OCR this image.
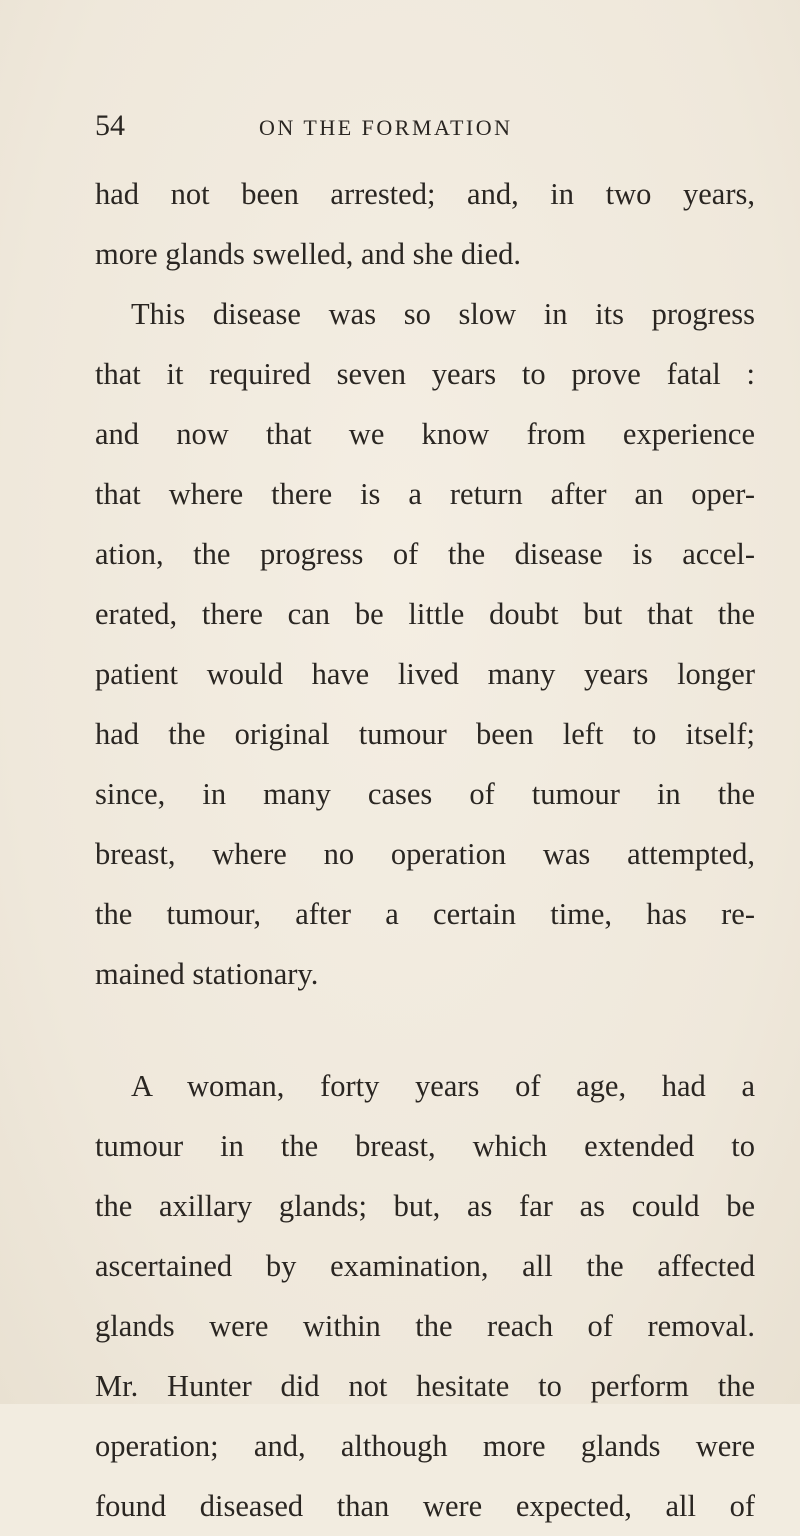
54	ON THE FORMATION
had not been arrested; and, in two years,
more glands swelled, and she died.
This disease was so slow in its progress
that it required seven years to prove fatal :
and now that we know from experience
that where there is a return after an oper-
ation, the progress of the disease is accel-
erated, there can be little doubt but that the
patient would have lived many years longer
had the original tumour been left to itself;
since, in many cases of tumour in the
breast, where no operation was attempted,
the tumour, after a certain time, has re-
mained stationary.
A woman, forty years of age, had a
tumour in the breast, which extended to
the axillary glands; but, as far as could be
ascertained by examination, all the affected
glands were within the reach of removal.
Mr. Hunter did not hesitate to perform the
operation; and, although more glands were
found diseased than were expected, all of
